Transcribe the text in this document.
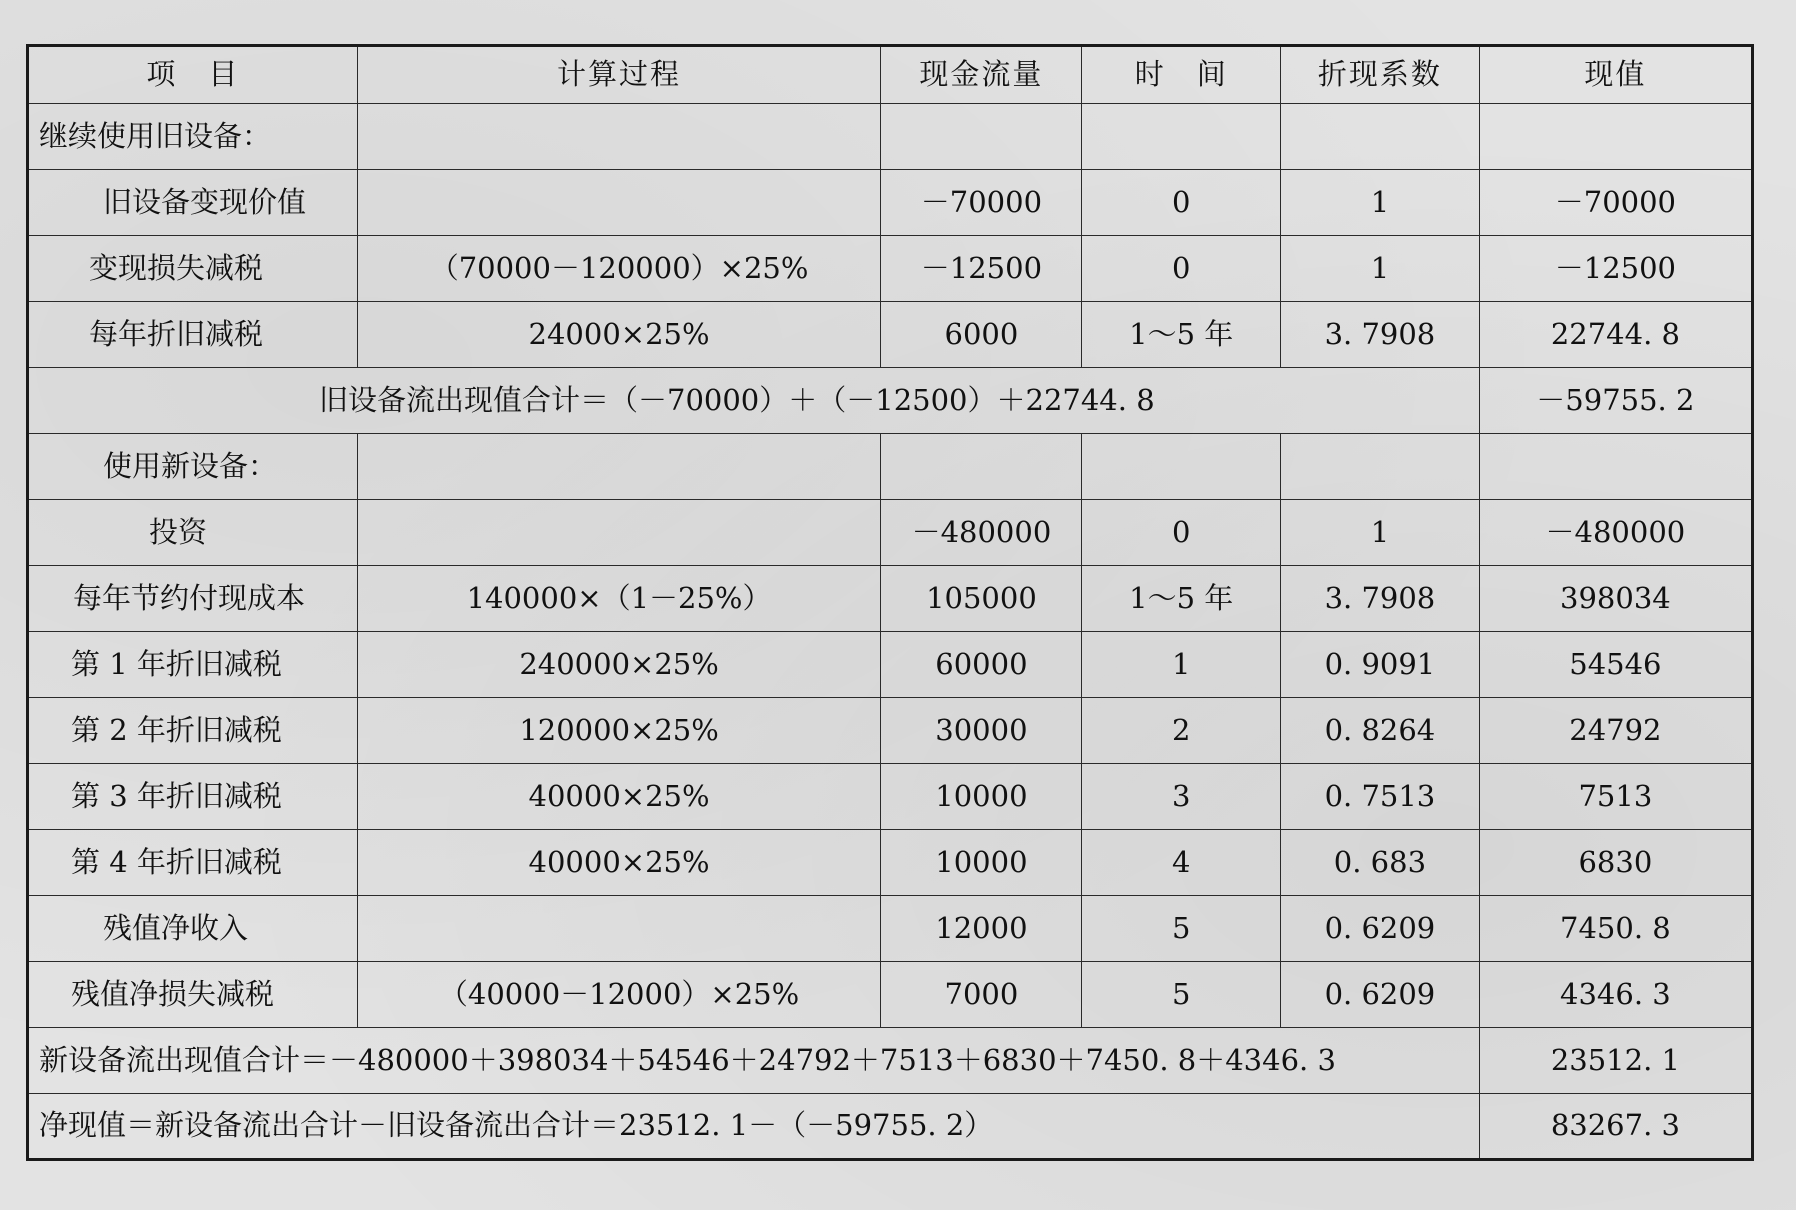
项　目	计算过程	现金流量	时　间	折现系数	现值
继续使用旧设备：					
旧设备变现价值		－70000	0	1	－70000
变现损失减税	（70000－120000）×25%	－12500	0	1	－12500
每年折旧减税	24000×25%	6000	1～5 年	3. 7908	22744. 8
旧设备流出现值合计＝（－70000）＋（－12500）＋22744. 8					－59755. 2
使用新设备：					
投资		－480000	0	1	－480000
每年节约付现成本	140000×（1－25%）	105000	1～5 年	3. 7908	398034
第 1 年折旧减税	240000×25%	60000	1	0. 9091	54546
第 2 年折旧减税	120000×25%	30000	2	0. 8264	24792
第 3 年折旧减税	40000×25%	10000	3	0. 7513	7513
第 4 年折旧减税	40000×25%	10000	4	0. 683	6830
残值净收入		12000	5	0. 6209	7450. 8
残值净损失减税	（40000－12000）×25%	7000	5	0. 6209	4346. 3
新设备流出现值合计＝－480000＋398034＋54546＋24792＋7513＋6830＋7450. 8＋4346. 3					23512. 1
净现值＝新设备流出合计－旧设备流出合计＝23512. 1－（－59755. 2）					83267. 3
